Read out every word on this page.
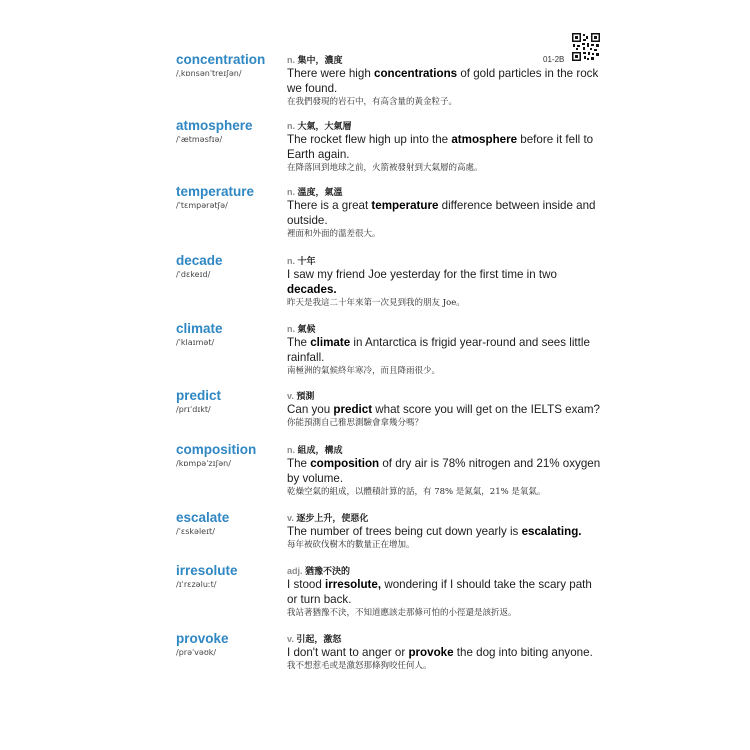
01-2B
concentration
/ˌkɒnsənˈtreɪʃən/
n. 集中，濃度
There were high concentrations of gold particles in the rock we found.
在我們發現的岩石中，有高含量的黃金粒子。
atmosphere
/ˈætməsfɪə/
n. 大氣，大氣層
The rocket flew high up into the atmosphere before it fell to Earth again.
在降落回到地球之前，火箭被發射到大氣層的高處。
temperature
/ˈtɛmpərətʃə/
n. 溫度，氣溫
There is a great temperature difference between inside and outside.
裡面和外面的溫差很大。
decade
/ˈdɛkeɪd/
n. 十年
I saw my friend Joe yesterday for the first time in two decades.
昨天是我這二十年來第一次見到我的朋友 Joe。
climate
/ˈklaɪmət/
n. 氣候
The climate in Antarctica is frigid year-round and sees little rainfall.
南極洲的氣候終年寒冷，而且降雨很少。
predict
/prɪˈdɪkt/
v. 預測
Can you predict what score you will get on the IELTS exam?
你能預測自己雅思測驗會拿幾分嗎？
composition
/kɒmpəˈzɪʃən/
n. 組成，構成
The composition of dry air is 78% nitrogen and 21% oxygen by volume.
乾燥空氣的組成，以體積計算的話，有 78% 是氮氣，21% 是氧氣。
escalate
/ˈɛskəleɪt/
v. 逐步上升，使惡化
The number of trees being cut down yearly is escalating.
每年被砍伐樹木的數量正在增加。
irresolute
/ɪˈrɛzəluːt/
adj. 猶豫不決的
I stood irresolute, wondering if I should take the scary path or turn back.
我站著猶豫不決，不知道應該走那條可怕的小徑還是該折返。
provoke
/prəˈvəʊk/
v. 引起，激怒
I don't want to anger or provoke the dog into biting anyone.
我不想惹毛或是激怒那條狗咬任何人。
